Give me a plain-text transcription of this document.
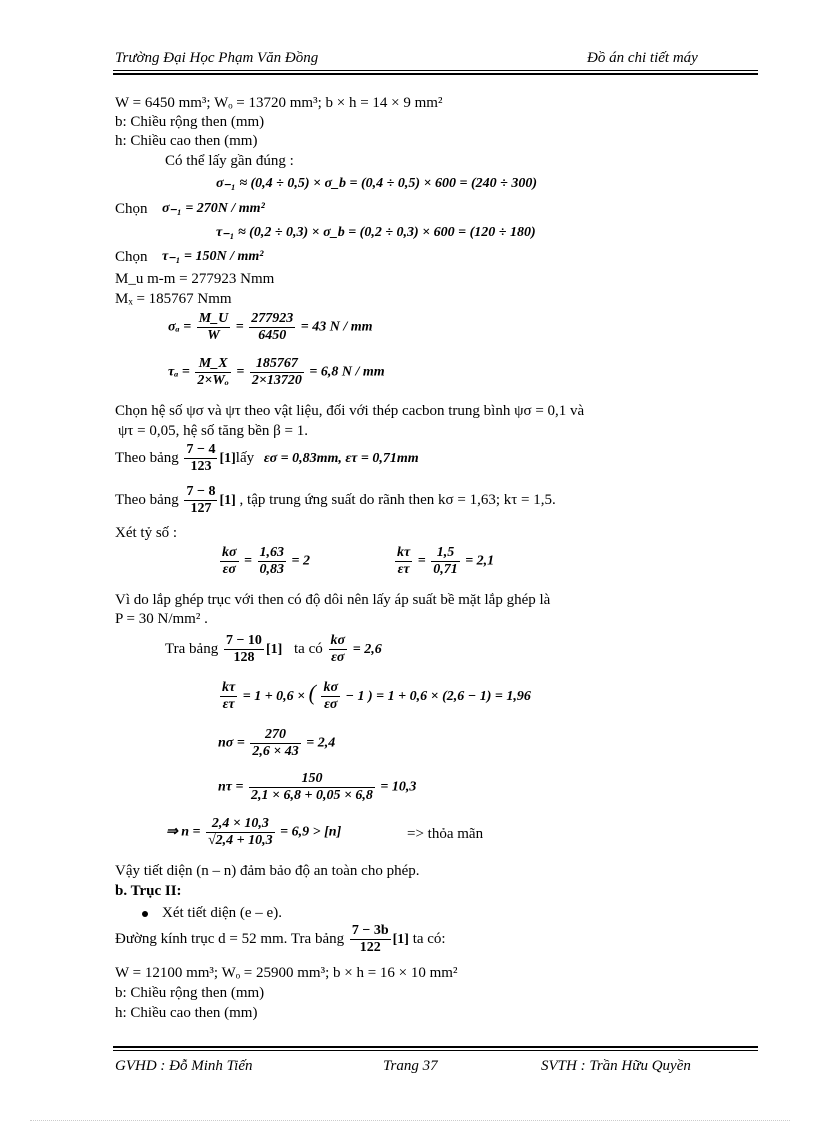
Trường Đại Học Phạm Văn Đồng	Đồ án chi tiết máy
W = 6450 mm³; Wₒ = 13720 mm³; b × h = 14 × 9 mm²
b: Chiều rộng then (mm)
h: Chiều cao then (mm)
Có thể lấy gần đúng :
σ₋₁ ≈ (0,4 ÷ 0,5) × σ_b = (0,4 ÷ 0,5) × 600 = (240 ÷ 300)
Chọn σ₋₁ = 270N / mm²
τ₋₁ ≈ (0,2 ÷ 0,3) × σ_b = (0,2 ÷ 0,3) × 600 = (120 ÷ 180)
Chọn τ₋₁ = 150N / mm²
M_u m-m = 277923 Nmm
Mₓ = 185767 Nmm
$\sigma_a = \frac{M\_U}{W} = \frac{277923}{6450} = 43$ N / mm
$\tau_a = \frac{M\_X}{\text{2×Wₒ}} = \frac{185767}{2\times 13720} = 6,8$ N / mm
Chọn hệ số ψσ và ψτ theo vật liệu, đối với thép cacbon trung bình ψσ = 0,1 và
ψτ = 0,05, hệ số tăng bền β = 1.
Theo bảng $\frac{7 - 4}{123}$ [1]lấy εσ = 0,83mm, ετ = 0,71mm
Theo bảng $\frac{7 - 8}{127} [1]$ , tập trung ứng suất do rãnh then kσ = 1,63; kτ = 1,5.
Xét tỷ số :
$\frac{k\sigma}{\varepsilon\sigma} = \frac{1,63}{0,83} = 2$	$\frac{k\tau}{\varepsilon\tau} = \frac{1,5}{0,71} = 2,1$
Vì do lắp ghép trục với then có độ dôi nên lấy áp suất bề mặt lắp ghép là
P = 30 N/mm² .
Tra bảng $\frac{7 - 10}{128} [1]$ ta có $\frac{k\sigma}{\varepsilon\sigma} = 2,6$
$\frac{k\tau}{\varepsilon\tau} = 1 + 0,6$ × ( $\frac{k\sigma}{\varepsilon\sigma} - 1$ ) = 1 + 0,6 × (2,6 − 1) = 1,96
$n\sigma = \frac{270}{2,6 \times 43} = 2,4$
$n\tau = \frac{150}{2,1 \times 6,8 + 0,05 \times 6,8} = 10,3$
⇒ $n = \frac{2,4 \times 10,3}{√2,4 + 10,3} = 6,9 > [n]$	=> thỏa mãn
Vậy tiết diện (n – n) đảm bảo độ an toàn cho phép.
b. Trục II:
Xét tiết diện (e – e).
Đường kính trục d = 52 mm. Tra bảng $\frac{7 - 3b}{122} [1]$ ta có:
W = 12100 mm³; Wₒ = 25900 mm³; b × h = 16 × 10 mm²
b: Chiều rộng then (mm)
h: Chiều cao then (mm)
GVHD : Đỗ Minh Tiến	Trang 37	SVTH : Trần Hữu Quyền
